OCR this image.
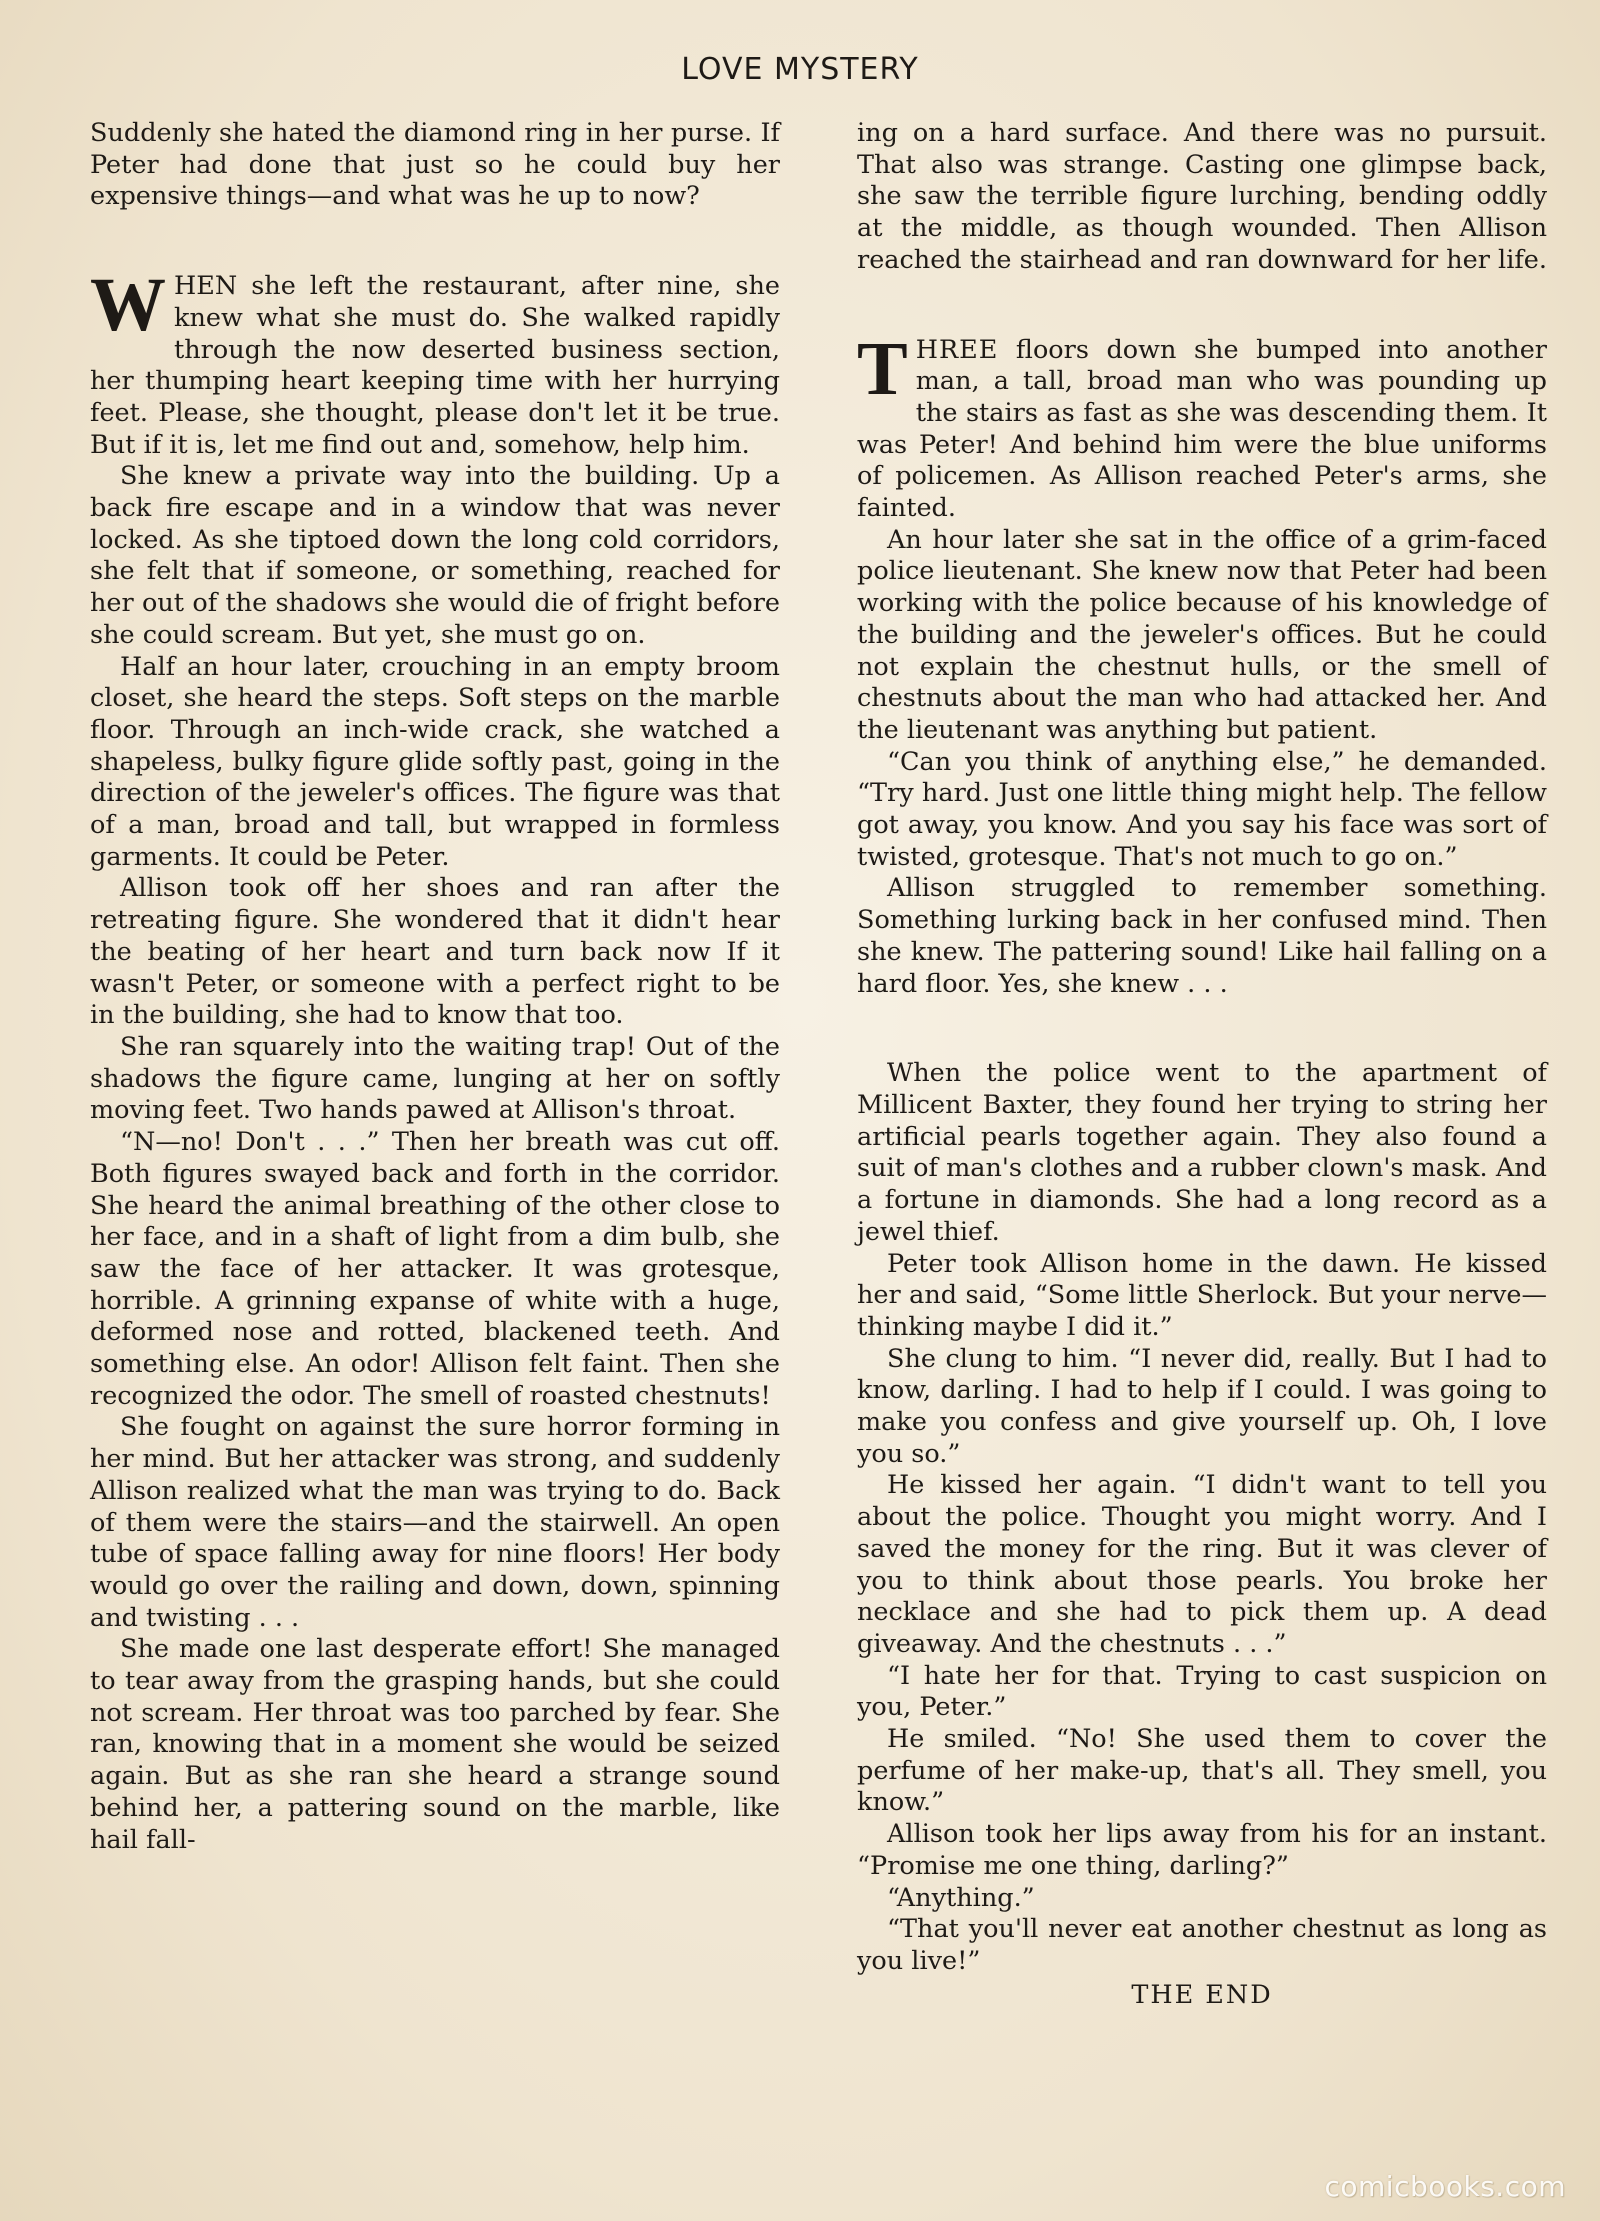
LOVE MYSTERY

Suddenly she hated the diamond ring in her purse. If Peter had done that just so he could buy her expensive things—and what was he up to now?

WHEN she left the restaurant, after nine, she knew what she must do. She walked rapidly through the now deserted business section, her thumping heart keeping time with her hurrying feet. Please, she thought, please don't let it be true. But if it is, let me find out and, somehow, help him.

She knew a private way into the building. Up a back fire escape and in a window that was never locked. As she tiptoed down the long cold corridors, she felt that if someone, or something, reached for her out of the shadows she would die of fright before she could scream. But yet, she must go on.

Half an hour later, crouching in an empty broom closet, she heard the steps. Soft steps on the marble floor. Through an inch-wide crack, she watched a shapeless, bulky figure glide softly past, going in the direction of the jeweler's offices. The figure was that of a man, broad and tall, but wrapped in formless garments. It could be Peter.

Allison took off her shoes and ran after the retreating figure. She wondered that it didn't hear the beating of her heart and turn back now If it wasn't Peter, or someone with a perfect right to be in the building, she had to know that too.

She ran squarely into the waiting trap! Out of the shadows the figure came, lunging at her on softly moving feet. Two hands pawed at Allison's throat.

“N—no! Don't . . .” Then her breath was cut off. Both figures swayed back and forth in the corridor. She heard the animal breathing of the other close to her face, and in a shaft of light from a dim bulb, she saw the face of her attacker. It was grotesque, horrible. A grinning expanse of white with a huge, deformed nose and rotted, blackened teeth. And something else. An odor! Allison felt faint. Then she recognized the odor. The smell of roasted chestnuts!

She fought on against the sure horror forming in her mind. But her attacker was strong, and suddenly Allison realized what the man was trying to do. Back of them were the stairs—and the stairwell. An open tube of space falling away for nine floors! Her body would go over the railing and down, down, spinning and twisting . . .

She made one last desperate effort! She managed to tear away from the grasping hands, but she could not scream. Her throat was too parched by fear. She ran, knowing that in a moment she would be seized again. But as she ran she heard a strange sound behind her, a pattering sound on the marble, like hail fall-

ing on a hard surface. And there was no pursuit. That also was strange. Casting one glimpse back, she saw the terrible figure lurching, bending oddly at the middle, as though wounded. Then Allison reached the stairhead and ran downward for her life.

THREE floors down she bumped into another man, a tall, broad man who was pounding up the stairs as fast as she was descending them. It was Peter! And behind him were the blue uniforms of policemen. As Allison reached Peter's arms, she fainted.

An hour later she sat in the office of a grim-faced police lieutenant. She knew now that Peter had been working with the police because of his knowledge of the building and the jeweler's offices. But he could not explain the chestnut hulls, or the smell of chestnuts about the man who had attacked her. And the lieutenant was anything but patient.

“Can you think of anything else,” he demanded. “Try hard. Just one little thing might help. The fellow got away, you know. And you say his face was sort of twisted, grotesque. That's not much to go on.”

Allison struggled to remember something. Something lurking back in her confused mind. Then she knew. The pattering sound! Like hail falling on a hard floor. Yes, she knew . . .

When the police went to the apartment of Millicent Baxter, they found her trying to string her artificial pearls together again. They also found a suit of man's clothes and a rubber clown's mask. And a fortune in diamonds. She had a long record as a jewel thief.

Peter took Allison home in the dawn. He kissed her and said, “Some little Sherlock. But your nerve—thinking maybe I did it.”

She clung to him. “I never did, really. But I had to know, darling. I had to help if I could. I was going to make you confess and give yourself up. Oh, I love you so.”

He kissed her again. “I didn't want to tell you about the police. Thought you might worry. And I saved the money for the ring. But it was clever of you to think about those pearls. You broke her necklace and she had to pick them up. A dead giveaway. And the chestnuts . . .”

“I hate her for that. Trying to cast suspicion on you, Peter.”

He smiled. “No! She used them to cover the perfume of her make-up, that's all. They smell, you know.”

Allison took her lips away from his for an instant. “Promise me one thing, darling?”

“Anything.”

“That you'll never eat another chestnut as long as you live!”

THE END

comicbooks.com
